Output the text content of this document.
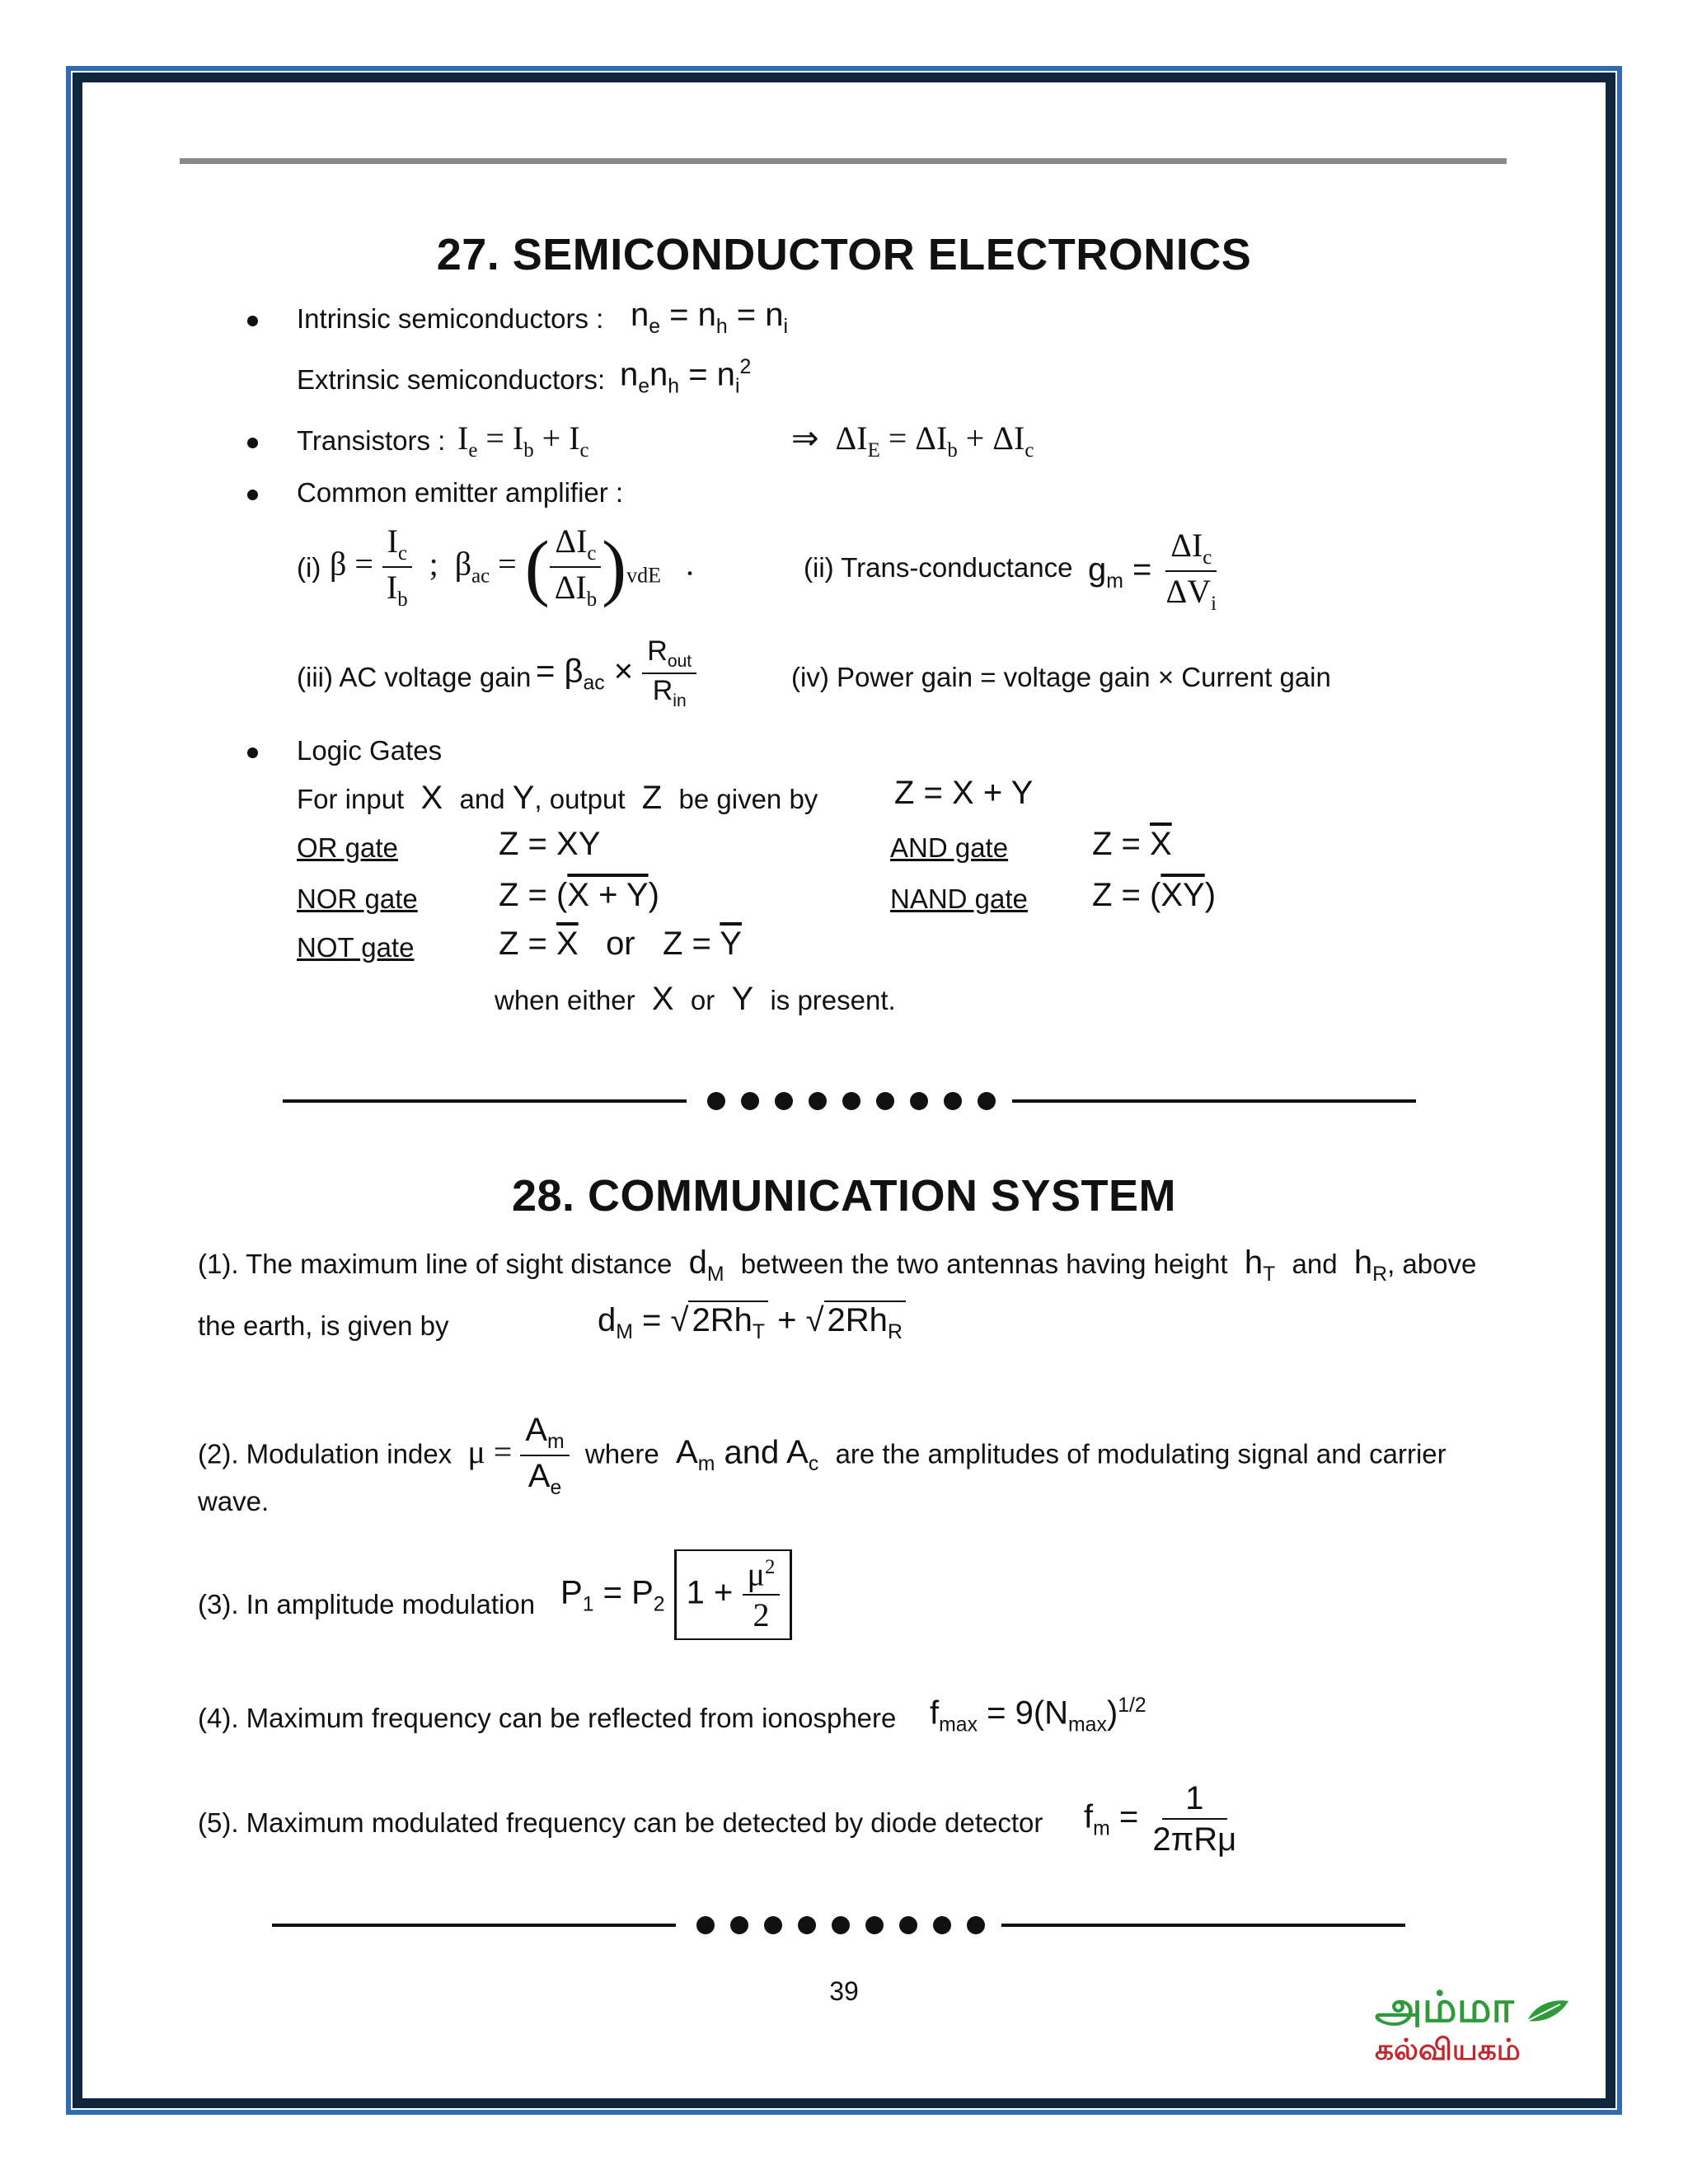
27. SEMICONDUCTOR ELECTRONICS
Intrinsic semiconductors : $n_e = n_h = n_i$
Extrinsic semiconductors: $n_en_h = n_i^2$
Transistors : $I_e = I_b + I_c$	⇒  $\Delta I_E = \Delta I_b + \Delta I_c$
Common emitter amplifier :
(i) $\beta = \frac{I_c}{I_b}$ ;  $\beta_{ac}$ = ( $\frac{\Delta I_c}{\Delta I_b} )_{vdE}$   .	(ii) Trans-conductance $g_m = \frac{\Delta I_c}{\Delta V_i}$
(iii) AC voltage gain = $\beta_{ac} \times \frac{R_{out}}{R_{in}}$	(iv) Power gain = voltage gain × Current gain
Logic Gates
For input  X  and Y, output  Z  be given by Z = X + Y
OR gate	Z = XY	AND gate	$Z = \overline{X}$
NOR gate Z = (X + Y)	NAND gate $Z = (\overline{XY})$
NOT gate	$Z = \overline{X}$ or   $Z = \overline{Y}$
when either  X  or  Y  is present.
28. COMMUNICATION SYSTEM
(1). The maximum line of sight distance  $d_M$ between the two antennas having height  $h_T$ and  $h_R$, above
the earth, is given by	$d_M$ = √ $2Rh_T$ + √ $2Rh_R$
(2). Modulation index  $\mu = \frac{A_m}{A_e}$ where  $A_m$ and $A_c$ are the amplitudes of modulating signal and carrier
wave.
(3). In amplitude modulation $P_1 = P_2$ $1 + \frac{\mu^2}{2}$
(4). Maximum frequency can be reflected from ionosphere $f_{max} = 9(N_{max})^{1/2}$
(5). Maximum modulated frequency can be detected by diode detector $f_m = \frac{1}{\text{2πRμ}}$
39	அம்மா
கல்வியகம்
